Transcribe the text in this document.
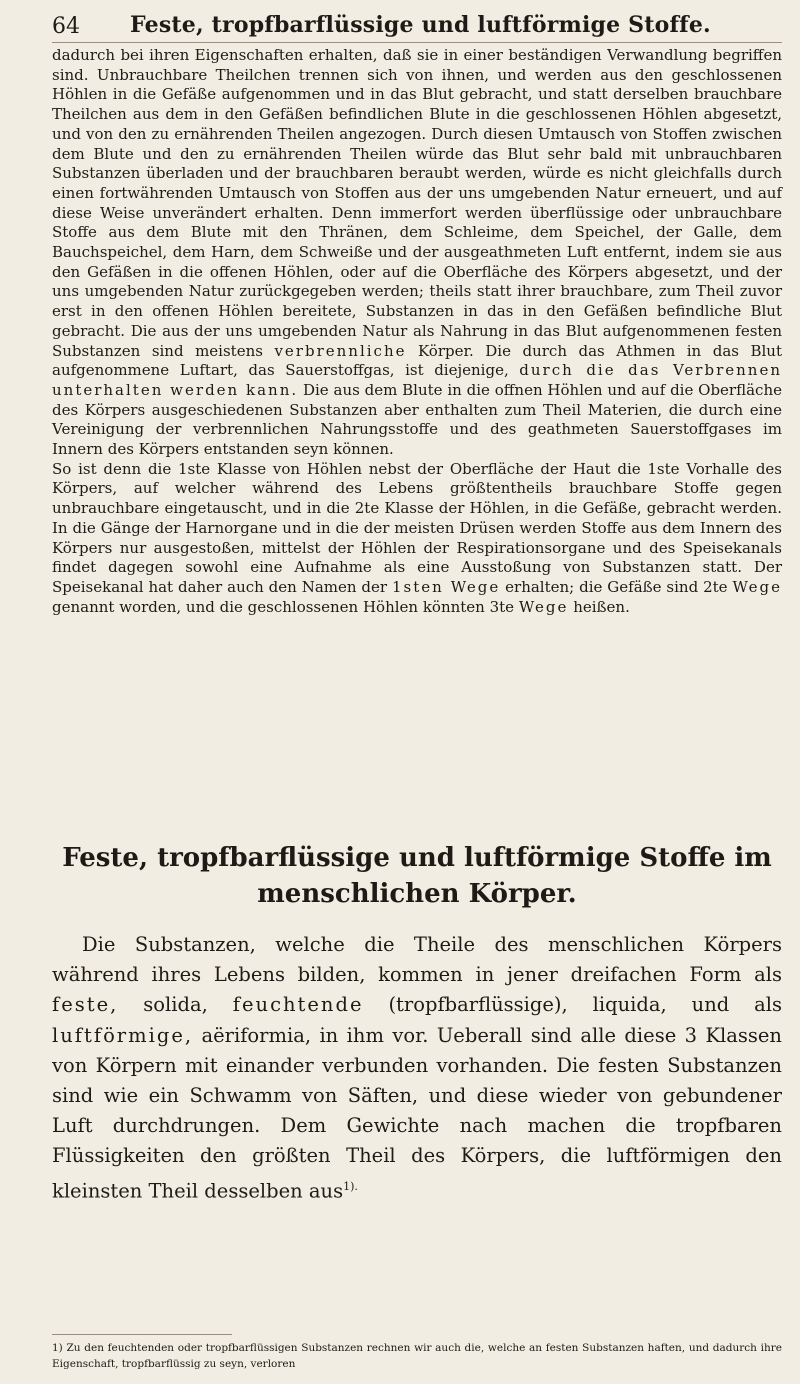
64 Feste, tropfbarflüssige und luftförmige Stoffe.

dadurch bei ihren Eigenschaften erhalten, daß sie in einer beständigen Verwandlung begriffen sind. Unbrauchbare Theilchen trennen sich von ihnen, und werden aus den geschlossenen Höhlen in die Gefäße aufgenommen und in das Blut gebracht, und statt derselben brauchbare Theilchen aus dem in den Gefäßen befindlichen Blute in die geschlossenen Höhlen abgesetzt, und von den zu ernährenden Theilen angezogen. Durch diesen Umtausch von Stoffen zwischen dem Blute und den zu ernährenden Theilen würde das Blut sehr bald mit unbrauchbaren Substanzen überladen und der brauchbaren beraubt werden, würde es nicht gleichfalls durch einen fortwährenden Umtausch von Stoffen aus der uns umgebenden Natur erneuert, und auf diese Weise unverändert erhalten. Denn immerfort werden überflüssige oder unbrauchbare Stoffe aus dem Blute mit den Thränen, dem Schleime, dem Speichel, der Galle, dem Bauchspeichel, dem Harn, dem Schweiße und der ausgeathmeten Luft entfernt, indem sie aus den Gefäßen in die offenen Höhlen, oder auf die Oberfläche des Körpers abgesetzt, und der uns umgebenden Natur zurückgegeben werden; theils statt ihrer brauchbare, zum Theil zuvor erst in den offenen Höhlen bereitete, Substanzen in das in den Gefäßen befindliche Blut gebracht. Die aus der uns umgebenden Natur als Nahrung in das Blut aufgenommenen festen Substanzen sind meistens verbrennliche Körper. Die durch das Athmen in das Blut aufgenommene Luftart, das Sauerstoffgas, ist diejenige, durch die das Verbrennen unterhalten werden kann. Die aus dem Blute in die offnen Höhlen und auf die Oberfläche des Körpers ausgeschiedenen Substanzen aber enthalten zum Theil Materien, die durch eine Vereinigung der verbrennlichen Nahrungsstoffe und des geathmeten Sauerstoffgases im Innern des Körpers entstanden seyn können.

So ist denn die 1ste Klasse von Höhlen nebst der Oberfläche der Haut die 1ste Vorhalle des Körpers, auf welcher während des Lebens größtentheils brauchbare Stoffe gegen unbrauchbare eingetauscht, und in die 2te Klasse der Höhlen, in die Gefäße, gebracht werden. In die Gänge der Harnorgane und in die der meisten Drüsen werden Stoffe aus dem Innern des Körpers nur ausgestoßen, mittelst der Höhlen der Respirationsorgane und des Speisekanals findet dagegen sowohl eine Aufnahme als eine Ausstoßung von Substanzen statt. Der Speisekanal hat daher auch den Namen der 1sten Wege erhalten; die Gefäße sind 2te Wege genannt worden, und die geschlossenen Höhlen könnten 3te Wege heißen.

Feste, tropfbarflüssige und luftförmige Stoffe im menschlichen Körper.

Die Substanzen, welche die Theile des menschlichen Körpers während ihres Lebens bilden, kommen in jener dreifachen Form als feste, solida, feuchtende (tropfbarflüssige), liquida, und als luftförmige, aëriformia, in ihm vor. Ueberall sind alle diese 3 Klassen von Körpern mit einander verbunden vorhanden. Die festen Substanzen sind wie ein Schwamm von Säften, und diese wieder von gebundener Luft durchdrungen. Dem Gewichte nach machen die tropfbaren Flüssigkeiten den größten Theil des Körpers, die luftförmigen den kleinsten Theil desselben aus$^{1).}$

1) Zu den feuchtenden oder tropfbarflüssigen Substanzen rechnen wir auch die, welche an festen Substanzen haften, und dadurch ihre Eigenschaft, tropfbarflüssig zu seyn, verloren
